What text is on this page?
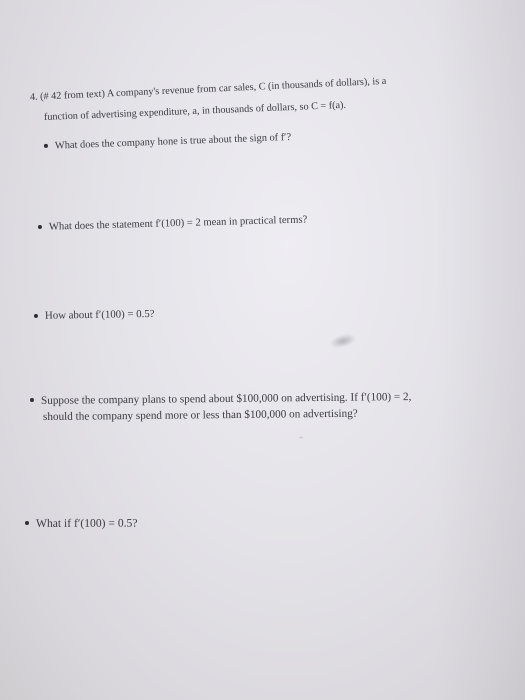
4. (# 42 from text) A company's revenue from car sales, C (in thousands of dollars), is a
function of advertising expenditure, a, in thousands of dollars, so C = f(a).
What does the company hone is true about the sign of f′?
What does the statement f′(100) = 2 mean in practical terms?
How about f′(100) = 0.5?
Suppose the company plans to spend about $100,000 on advertising. If f′(100) = 2,
should the company spend more or less than $100,000 on advertising?
What if f′(100) = 0.5?
